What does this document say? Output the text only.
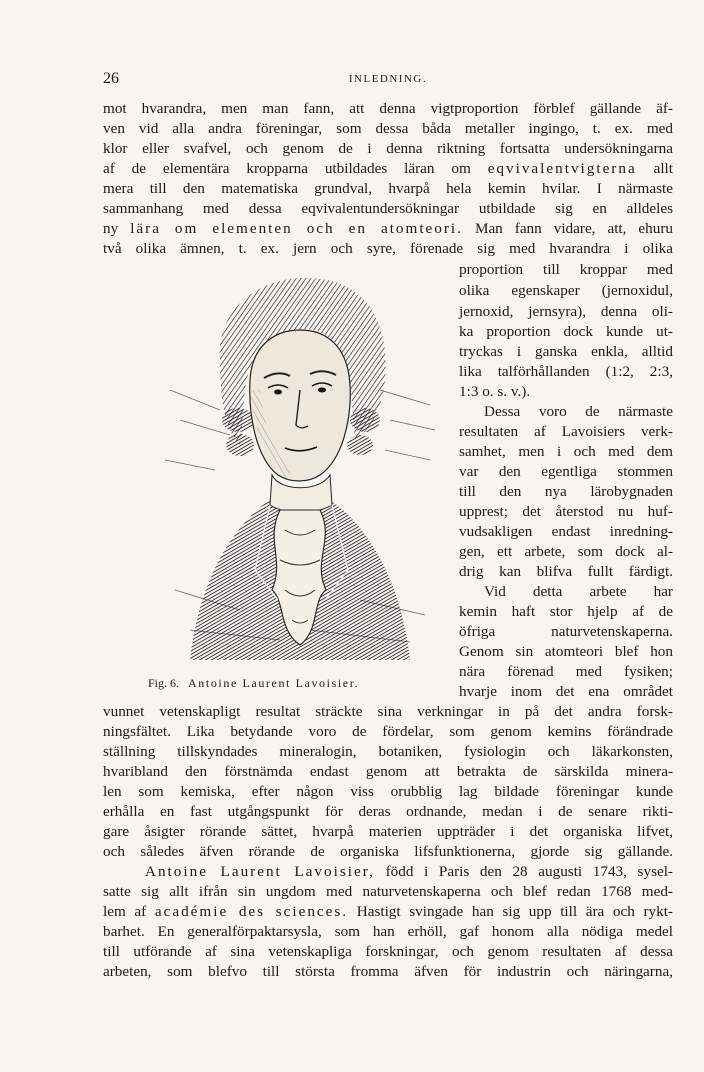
26	INLEDNING.
mot hvarandra, men man fann, att denna vigtproportion förblef gällande äf-
ven vid alla andra föreningar, som dessa båda metaller ingingo, t. ex. med
klor eller svafvel, och genom de i denna riktning fortsatta undersökningarna
af de elementära kropparna utbildades läran om eqvivalentvigterna allt
mera till den matematiska grundval, hvarpå hela kemin hvilar. I närmaste
sammanhang med dessa eqvivalentundersökningar utbildade sig en alldeles
ny lära om elementen och en atomteori. Man fann vidare, att, ehuru
två olika ämnen, t. ex. jern och syre, förenade sig med hvarandra i olika
Fig. 6. Antoine Laurent Lavoisier.
proportion till kroppar med
olika egenskaper (jernoxidul,
jernoxid, jernsyra), denna oli-
ka proportion dock kunde ut-
tryckas i ganska enkla, alltid
lika talförhållanden (1:2, 2:3,
1:3 o. s. v.).
Dessa voro de närmaste
resultaten af Lavoisiers verk-
samhet, men i och med dem
var den egentliga stommen
till den nya lärobygnaden
upprest; det återstod nu huf-
vudsakligen endast inredning-
gen, ett arbete, som dock al-
drig kan blifva fullt färdigt.
Vid detta arbete har
kemin haft stor hjelp af de
öfriga naturvetenskaperna.
Genom sin atomteori blef hon
nära förenad med fysiken;
hvarje inom det ena området
vunnet vetenskapligt resultat sträckte sina verkningar in på det andra forsk-
ningsfältet. Lika betydande voro de fördelar, som genom kemins förändrade
ställning tillskyndades mineralogin, botaniken, fysiologin och läkarkonsten,
hvaribland den förstnämda endast genom att betrakta de särskilda minera-
len som kemiska, efter någon viss orubblig lag bildade föreningar kunde
erhålla en fast utgångspunkt för deras ordnande, medan i de senare rikti-
gare åsigter rörande sättet, hvarpå materien uppträder i det organiska lifvet,
och således äfven rörande de organiska lifsfunktionerna, gjorde sig gällande.
Antoine Laurent Lavoisier, född i Paris den 28 augusti 1743, sysel-
satte sig allt ifrån sin ungdom med naturvetenskaperna och blef redan 1768 med-
lem af académie des sciences. Hastigt svingade han sig upp till ära och rykt-
barhet. En generalförpaktarsysla, som han erhöll, gaf honom alla nödiga medel
till utförande af sina vetenskapliga forskningar, och genom resultaten af dessa
arbeten, som blefvo till största fromma äfven för industrin och näringarna,
